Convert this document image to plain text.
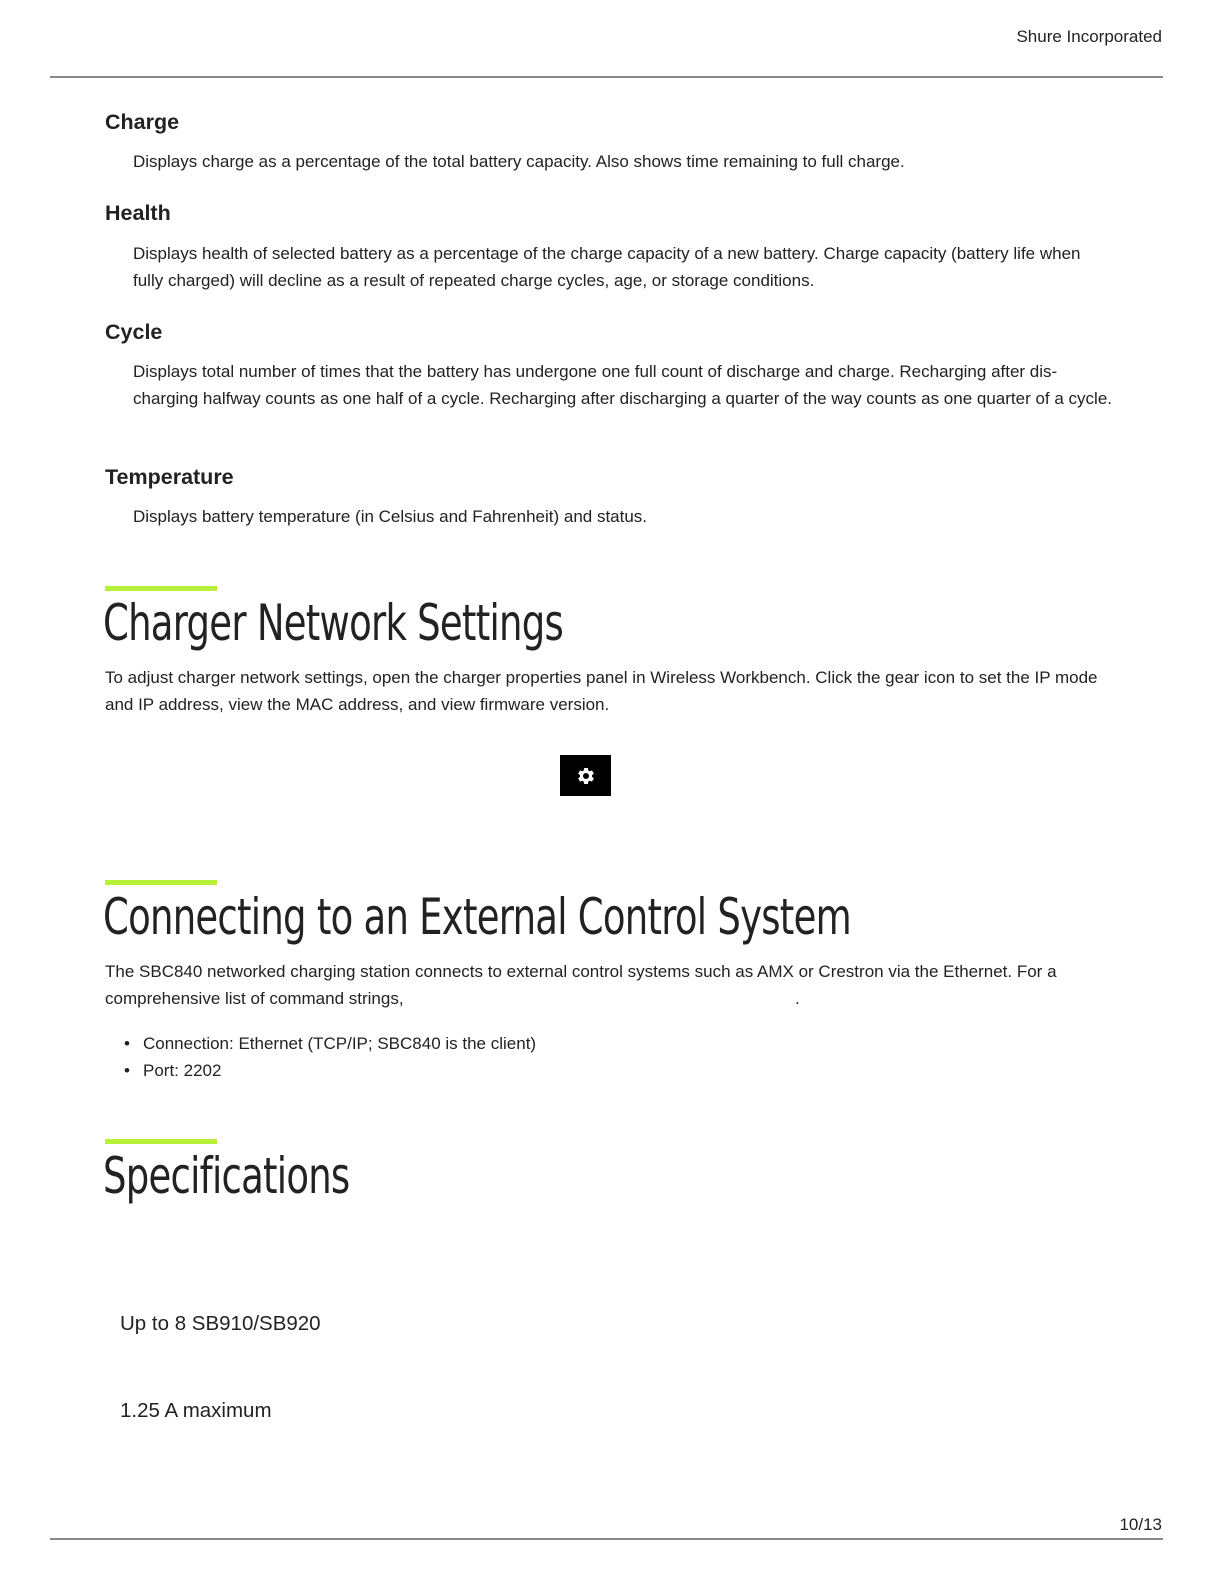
Shure Incorporated
Charge

Displays charge as a percentage of the total battery capacity. Also shows time remaining to full charge.

Health

Displays health of selected battery as a percentage of the charge capacity of a new battery. Charge capacity (battery life when fully charged) will decline as a result of repeated charge cycles, age, or storage conditions.

Cycle

Displays total number of times that the battery has undergone one full count of discharge and charge. Recharging after discharging halfway counts as one half of a cycle. Recharging after discharging a quarter of the way counts as one quarter of a cycle.

Temperature

Displays battery temperature (in Celsius and Fahrenheit) and status.

Charger Network Settings

To adjust charger network settings, open the charger properties panel in Wireless Workbench. Click the gear icon to set the IP mode and IP address, view the MAC address, and view firmware version.

Connecting to an External Control System

The SBC840 networked charging station connects to external control systems such as AMX or Crestron via the Ethernet. For a

comprehensive list of command strings,	.
• Connection: Ethernet (TCP/IP; SBC840 is the client)
• Port: 2202
Specifications

Up to 8 SB910/SB920

1.25 A maximum

10/13
